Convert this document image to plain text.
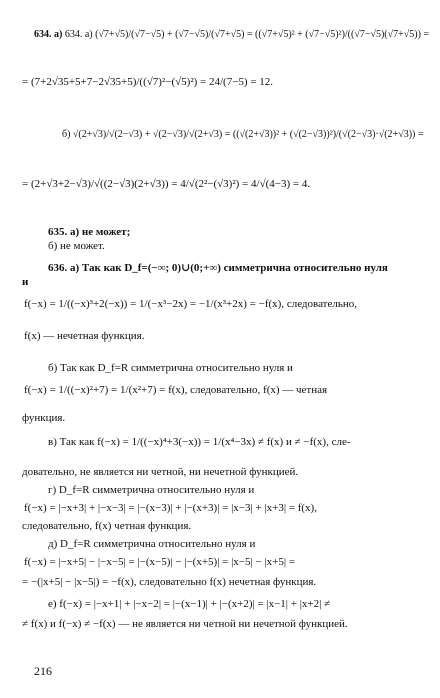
634. а) 634. а) (√7+√5)/(√7−√5) + (√7−√5)/(√7+√5) = ((√7+√5)² + (√7−√5)²)/((√7−√5)(√7+√5)) =
= (7+2√35+5+7−2√35+5)/((√7)²−(√5)²) = 24/(7−5) = 12.
б) √(2+√3)/√(2−√3) + √(2−√3)/√(2+√3) = ((√(2+√3))² + (√(2−√3))²)/(√(2−√3)·√(2+√3)) =
= (2+√3+2−√3)/√((2−√3)(2+√3)) = 4/√(2²−(√3)²) = 4/√(4−3) = 4.
635. а) не может;
б) не может.
636. а) Так как D_f=(−∞; 0)∪(0;+∞) симметрична относительно нуля
и
f(−x) = 1/((−x)³+2(−x)) = 1/(−x³−2x) = −1/(x³+2x) = −f(x), следовательно,
f(x) — нечетная функция.
б) Так как D_f=R симметрична относительно нуля и
f(−x) = 1/((−x)²+7) = 1/(x²+7) = f(x), следовательно, f(x) — четная
функция.
в) Так как f(−x) = 1/((−x)⁴+3(−x)) = 1/(x⁴−3x) ≠ f(x) и ≠ −f(x), сле-
довательно, не является ни четной, ни нечетной функцией.
г) D_f=R симметрична относительно нуля и
f(−x) = |−x+3| + |−x−3| = |−(x−3)| + |−(x+3)| = |x−3| + |x+3| = f(x),
следовательно, f(x) четная функция.
д) D_f=R симметрична относительно нуля и
f(−x) = |−x+5| − |−x−5| = |−(x−5)| − |−(x+5)| = |x−5| − |x+5| =
= −(|x+5| − |x−5|) = −f(x), следовательно f(x) нечетная функция.
е) f(−x) = |−x+1| + |−x−2| = |−(x−1)| + |−(x+2)| = |x−1| + |x+2| ≠
≠ f(x) и f(−x) ≠ −f(x) — не является ни четной ни нечетной функцией.
216
